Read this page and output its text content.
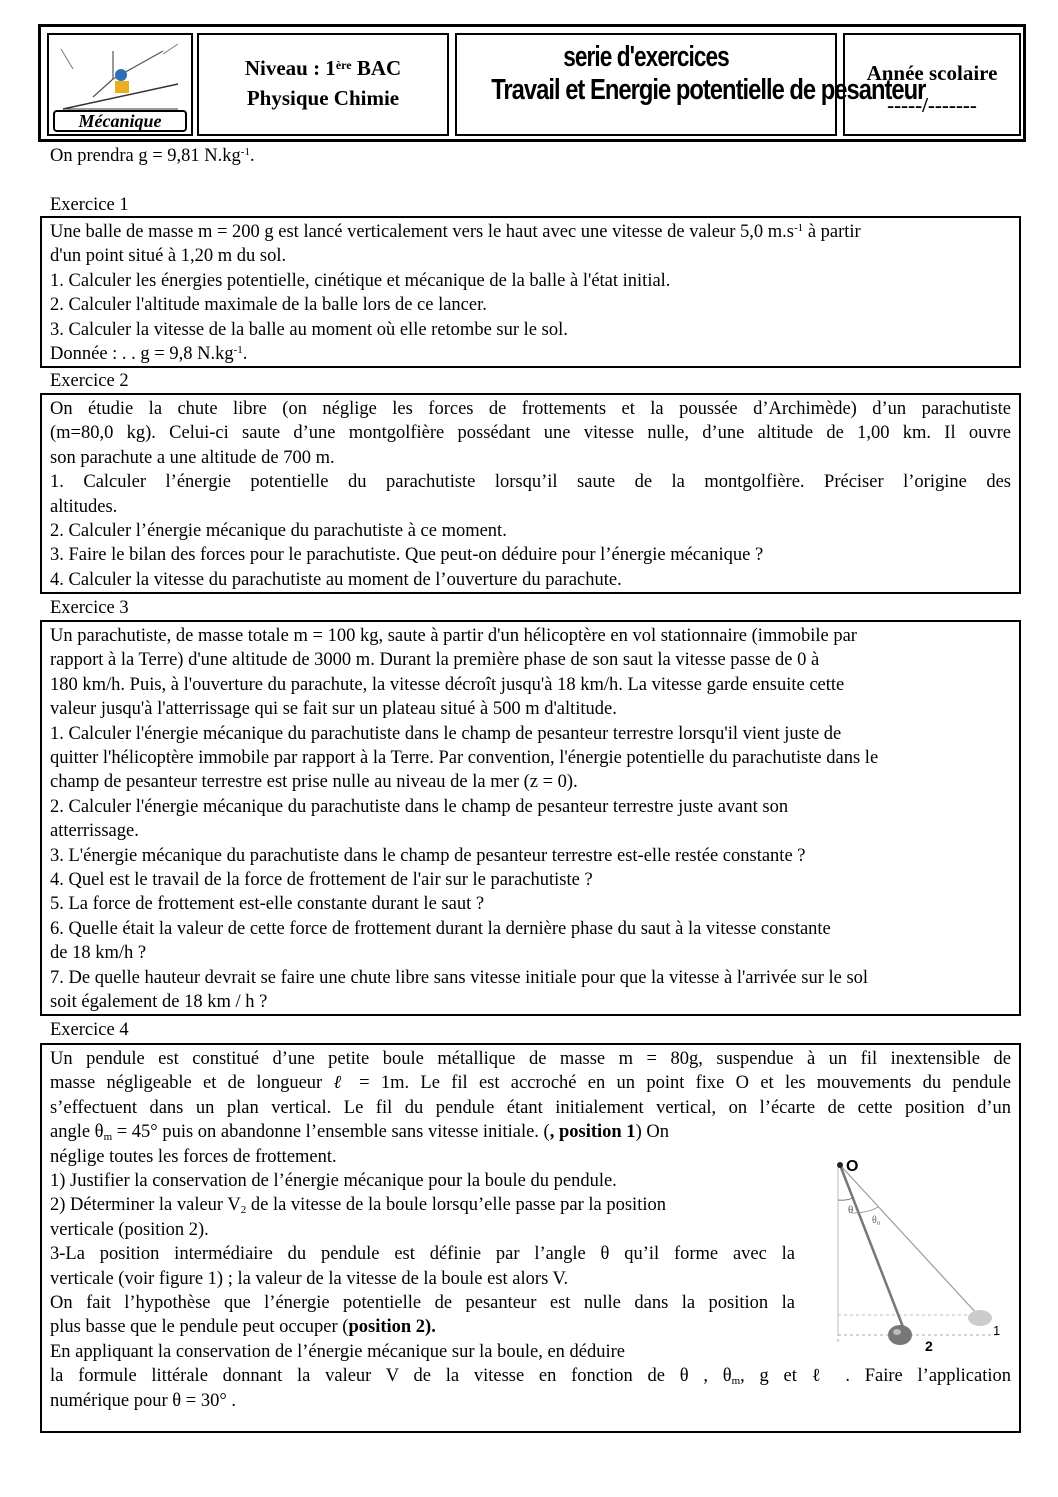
Mécanique
Niveau : 1ère BAC
Physique Chimie
serie d'exercices

Travail et Energie potentielle de pesanteur
Année scolaire
-----/-------
On prendra g = 9,81 $N.kg^{-1}$.
Exercice 1

Une balle de masse m = 200 g est lancé verticalement vers le haut avec une vitesse de valeur 5,0 $m.s^{-1}$ à partir

d'un point situé à 1,20 m du sol.

1. Calculer les énergies potentielle, cinétique et mécanique de la balle à l'état initial.

2. Calculer l'altitude maximale de la balle lors de ce lancer.

3. Calculer la vitesse de la balle au moment où elle retombe sur le sol.

Donnée : . . g = 9,8 $N.kg^{-1}$.

Exercice 2

On étudie la chute libre (on néglige les forces de frottements et la poussée d’Archimède) d’un parachutiste

(m=80,0 kg). Celui-ci saute d’une montgolfière possédant une vitesse nulle, d’une altitude de 1,00 km. Il ouvre

son parachute a une altitude de 700 m.

1. Calculer l’énergie potentielle du parachutiste lorsqu’il saute de la montgolfière. Préciser l’origine des

altitudes.

2. Calculer l’énergie mécanique du parachutiste à ce moment.

3. Faire le bilan des forces pour le parachutiste. Que peut-on déduire pour l’énergie mécanique ?

4. Calculer la vitesse du parachutiste au moment de l’ouverture du parachute.

Exercice 3

Un parachutiste, de masse totale m = 100 kg, saute à partir d'un hélicoptère en vol stationnaire (immobile par

rapport à la Terre) d'une altitude de 3000 m. Durant la première phase de son saut la vitesse passe de 0 à

180 km/h. Puis, à l'ouverture du parachute, la vitesse décroît jusqu'à 18 km/h. La vitesse garde ensuite cette

valeur jusqu'à l'atterrissage qui se fait sur un plateau situé à 500 m d'altitude.

1. Calculer l'énergie mécanique du parachutiste dans le champ de pesanteur terrestre lorsqu'il vient juste de

quitter l'hélicoptère immobile par rapport à la Terre. Par convention, l'énergie potentielle du parachutiste dans le

champ de pesanteur terrestre est prise nulle au niveau de la mer (z = 0).

2. Calculer l'énergie mécanique du parachutiste dans le champ de pesanteur terrestre juste avant son

atterrissage.

3. L'énergie mécanique du parachutiste dans le champ de pesanteur terrestre est-elle restée constante ?

4. Quel est le travail de la force de frottement de l'air sur le parachutiste ?

5. La force de frottement est-elle constante durant le saut ?

6. Quelle était la valeur de cette force de frottement durant la dernière phase du saut à la vitesse constante

de 18 km/h ?

7. De quelle hauteur devrait se faire une chute libre sans vitesse initiale pour que la vitesse à l'arrivée sur le sol

soit également de 18 km / h ?

Exercice 4

Un pendule est constitué d’une petite boule métallique de masse m = 80g, suspendue à un fil inextensible de

masse négligeable et de longueur ℓ = 1m. Le fil est accroché en un point fixe O et les mouvements du pendule

s’effectuent dans un plan vertical. Le fil du pendule étant initialement vertical, on l’écarte de cette position d’un

angle $\theta_m = 45^\circ$ puis on abandonne l’ensemble sans vitesse initiale. (, position 1) On

néglige toutes les forces de frottement.

1) Justifier la conservation de l’énergie mécanique pour la boule du pendule.

2) Déterminer la valeur $V_2$ de la vitesse de la boule lorsqu’elle passe par la position

verticale (position 2).

3-La position intermédiaire du pendule est définie par l’angle θ qu’il forme avec la

verticale (voir figure 1) ; la valeur de la vitesse de la boule est alors V.

On fait l’hypothèse que l’énergie potentielle de pesanteur est nulle dans la position la

plus basse que le pendule peut occuper (position 2).

En appliquant la conservation de l’énergie mécanique sur la boule, en déduire

la formule littérale donnant la valeur V de la vitesse en fonction de θ , $\theta_m$, g et ℓ . Faire l’application

numérique pour θ = 30° .

O
θ
θ₀
2
1
